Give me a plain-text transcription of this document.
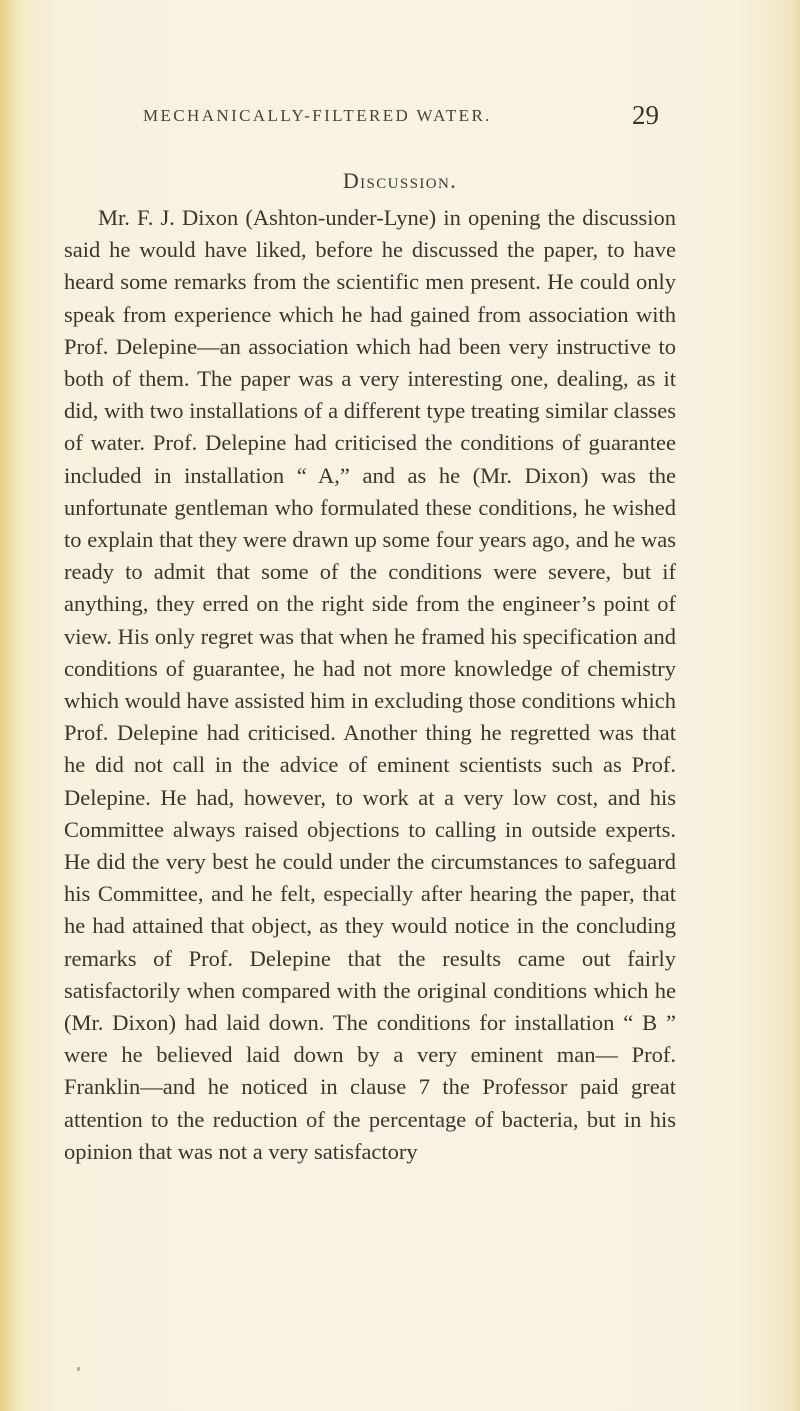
MECHANICALLY-FILTERED WATER.	29
Discussion.

Mr. F. J. Dixon (Ashton-under-Lyne) in opening the discussion said he would have liked, before he discussed the paper, to have heard some remarks from the scientific men present. He could only speak from experience which he had gained from association with Prof. Delepine—an association which had been very instructive to both of them. The paper was a very interesting one, dealing, as it did, with two installations of a different type treating similar classes of water. Prof. Delepine had criticised the conditions of guarantee included in installation “ A,” and as he (Mr. Dixon) was the unfortunate gentleman who formulated these conditions, he wished to explain that they were drawn up some four years ago, and he was ready to admit that some of the conditions were severe, but if anything, they erred on the right side from the engineer’s point of view. His only regret was that when he framed his specification and conditions of guarantee, he had not more knowledge of chemistry which would have assisted him in excluding those conditions which Prof. Delepine had criticised. Another thing he regretted was that he did not call in the advice of eminent scientists such as Prof. Delepine. He had, however, to work at a very low cost, and his Committee always raised objections to calling in outside experts. He did the very best he could under the circumstances to safeguard his Committee, and he felt, especially after hearing the paper, that he had attained that object, as they would notice in the concluding remarks of Prof. Delepine that the results came out fairly satisfactorily when compared with the original conditions which he (Mr. Dixon) had laid down. The conditions for installation “ B ” were he believed laid down by a very eminent man— Prof. Franklin—and he noticed in clause 7 the Professor paid great attention to the reduction of the percentage of bacteria, but in his opinion that was not a very satisfactory
